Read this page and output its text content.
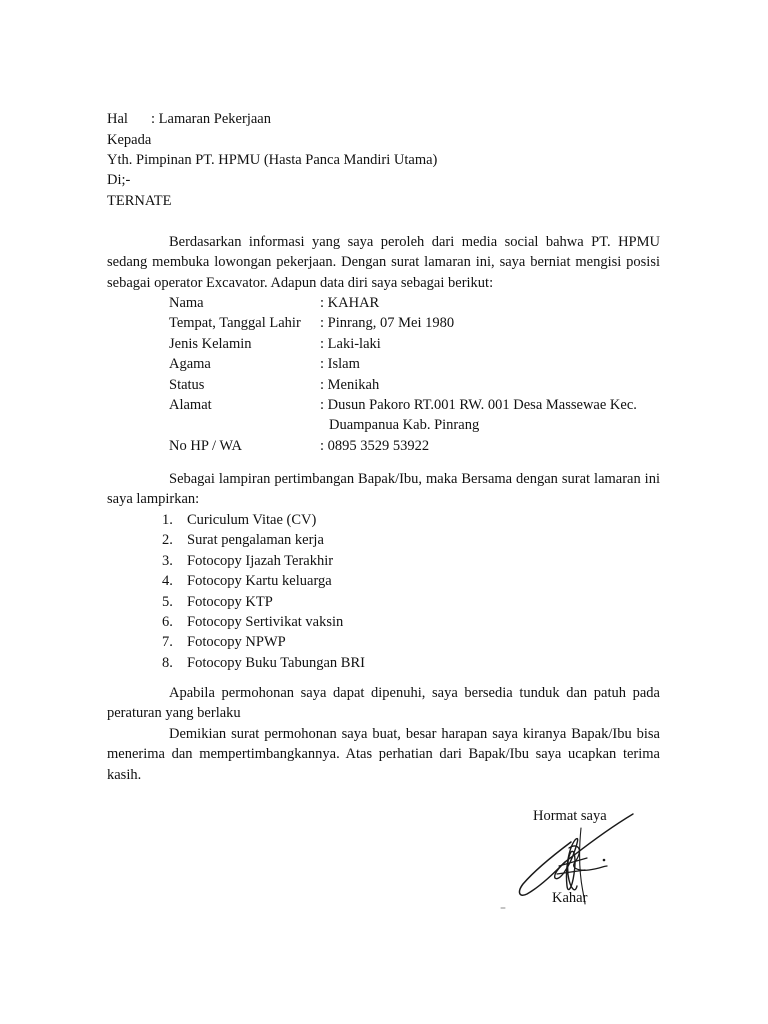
Hal : Lamaran Pekerjaan
Kepada
Yth. Pimpinan PT. HPMU (Hasta Panca Mandiri Utama)
Di;-
TERNATE
Berdasarkan informasi yang saya peroleh dari media social bahwa PT. HPMU sedang membuka lowongan pekerjaan. Dengan surat lamaran ini, saya berniat mengisi posisi sebagai operator Excavator. Adapun data diri saya sebagai berikut:
Nama	: KAHAR
Tempat, Tanggal Lahir	: Pinrang, 07 Mei 1980
Jenis Kelamin	: Laki-laki
Agama	: Islam
Status	: Menikah
Alamat	: Dusun Pakoro RT.001 RW. 001 Desa Massewae Kec.
Duampanua Kab. Pinrang
No HP / WA	: 0895 3529 53922
Sebagai lampiran pertimbangan Bapak/Ibu, maka Bersama dengan surat lamaran ini saya lampirkan:
1. Curiculum Vitae (CV)
2. Surat pengalaman kerja
3. Fotocopy Ijazah Terakhir
4. Fotocopy Kartu keluarga
5. Fotocopy KTP
6. Fotocopy Sertivikat vaksin
7. Fotocopy NPWP
8. Fotocopy Buku Tabungan BRI
Apabila permohonan saya dapat dipenuhi, saya bersedia tunduk dan patuh pada peraturan yang berlaku
Demikian surat permohonan saya buat, besar harapan saya kiranya Bapak/Ibu bisa menerima dan mempertimbangkannya. Atas perhatian dari Bapak/Ibu saya ucapkan terima kasih.
Hormat saya
Kahar
